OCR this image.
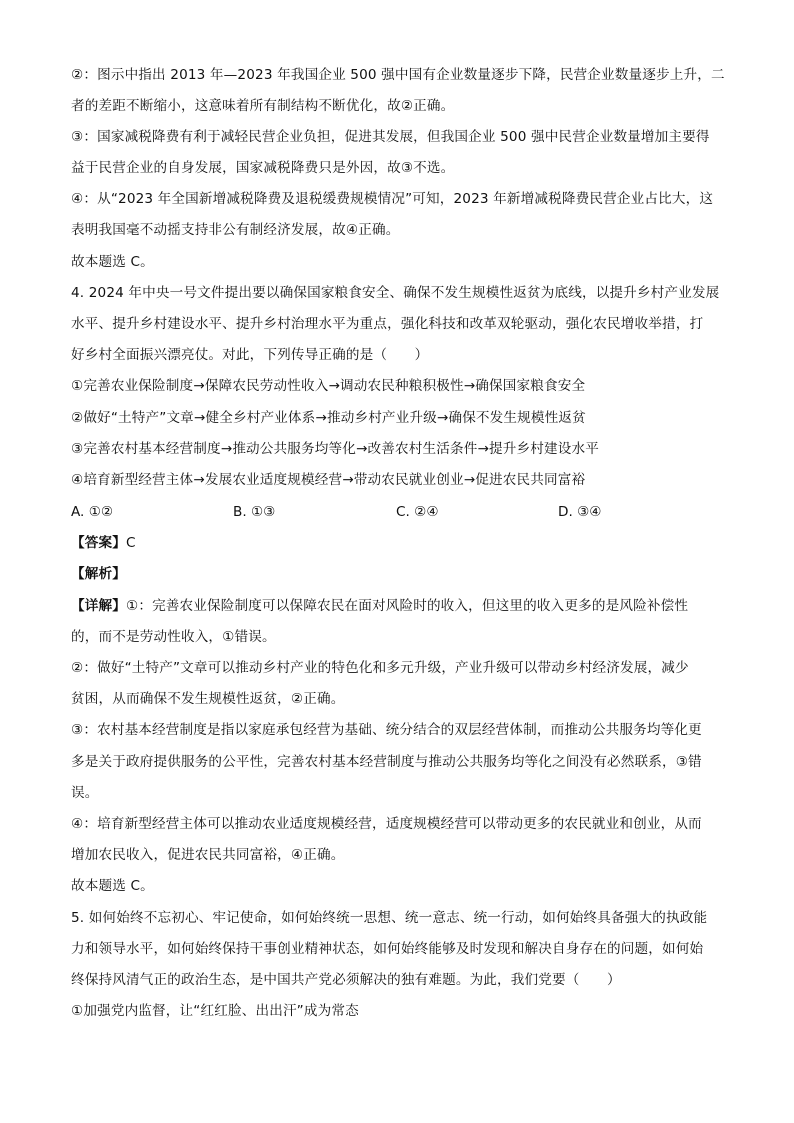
②：图示中指出 2013 年—2023 年我国企业 500 强中国有企业数量逐步下降，民营企业数量逐步上升，二
者的差距不断缩小，这意味着所有制结构不断优化，故②正确。
③：国家减税降费有利于减轻民营企业负担，促进其发展，但我国企业 500 强中民营企业数量增加主要得
益于民营企业的自身发展，国家减税降费只是外因，故③不选。
④：从“2023 年全国新增减税降费及退税缓费规模情况”可知，2023 年新增减税降费民营企业占比大，这
表明我国毫不动摇支持非公有制经济发展，故④正确。
故本题选 C。
4. 2024 年中央一号文件提出要以确保国家粮食安全、确保不发生规模性返贫为底线，以提升乡村产业发展
水平、提升乡村建设水平、提升乡村治理水平为重点，强化科技和改革双轮驱动，强化农民增收举措，打
好乡村全面振兴漂亮仗。对此，下列传导正确的是（　　）
①完善农业保险制度→保障农民劳动性收入→调动农民种粮积极性→确保国家粮食安全
②做好“土特产”文章→健全乡村产业体系→推动乡村产业升级→确保不发生规模性返贫
③完善农村基本经营制度→推动公共服务均等化→改善农村生活条件→提升乡村建设水平
④培育新型经营主体→发展农业适度规模经营→带动农民就业创业→促进农民共同富裕
A. ①②	B. ①③	C. ②④	D. ③④
【答案】C
【解析】
【详解】①：完善农业保险制度可以保障农民在面对风险时的收入，但这里的收入更多的是风险补偿性
的，而不是劳动性收入，①错误。
②：做好“土特产”文章可以推动乡村产业的特色化和多元升级，产业升级可以带动乡村经济发展，减少
贫困，从而确保不发生规模性返贫，②正确。
③：农村基本经营制度是指以家庭承包经营为基础、统分结合的双层经营体制，而推动公共服务均等化更
多是关于政府提供服务的公平性，完善农村基本经营制度与推动公共服务均等化之间没有必然联系，③错
误。
④：培育新型经营主体可以推动农业适度规模经营，适度规模经营可以带动更多的农民就业和创业，从而
增加农民收入，促进农民共同富裕，④正确。
故本题选 C。
5. 如何始终不忘初心、牢记使命，如何始终统一思想、统一意志、统一行动，如何始终具备强大的执政能
力和领导水平，如何始终保持干事创业精神状态，如何始终能够及时发现和解决自身存在的问题，如何始
终保持风清气正的政治生态，是中国共产党必须解决的独有难题。为此，我们党要（　　）
①加强党内监督，让“红红脸、出出汗”成为常态
